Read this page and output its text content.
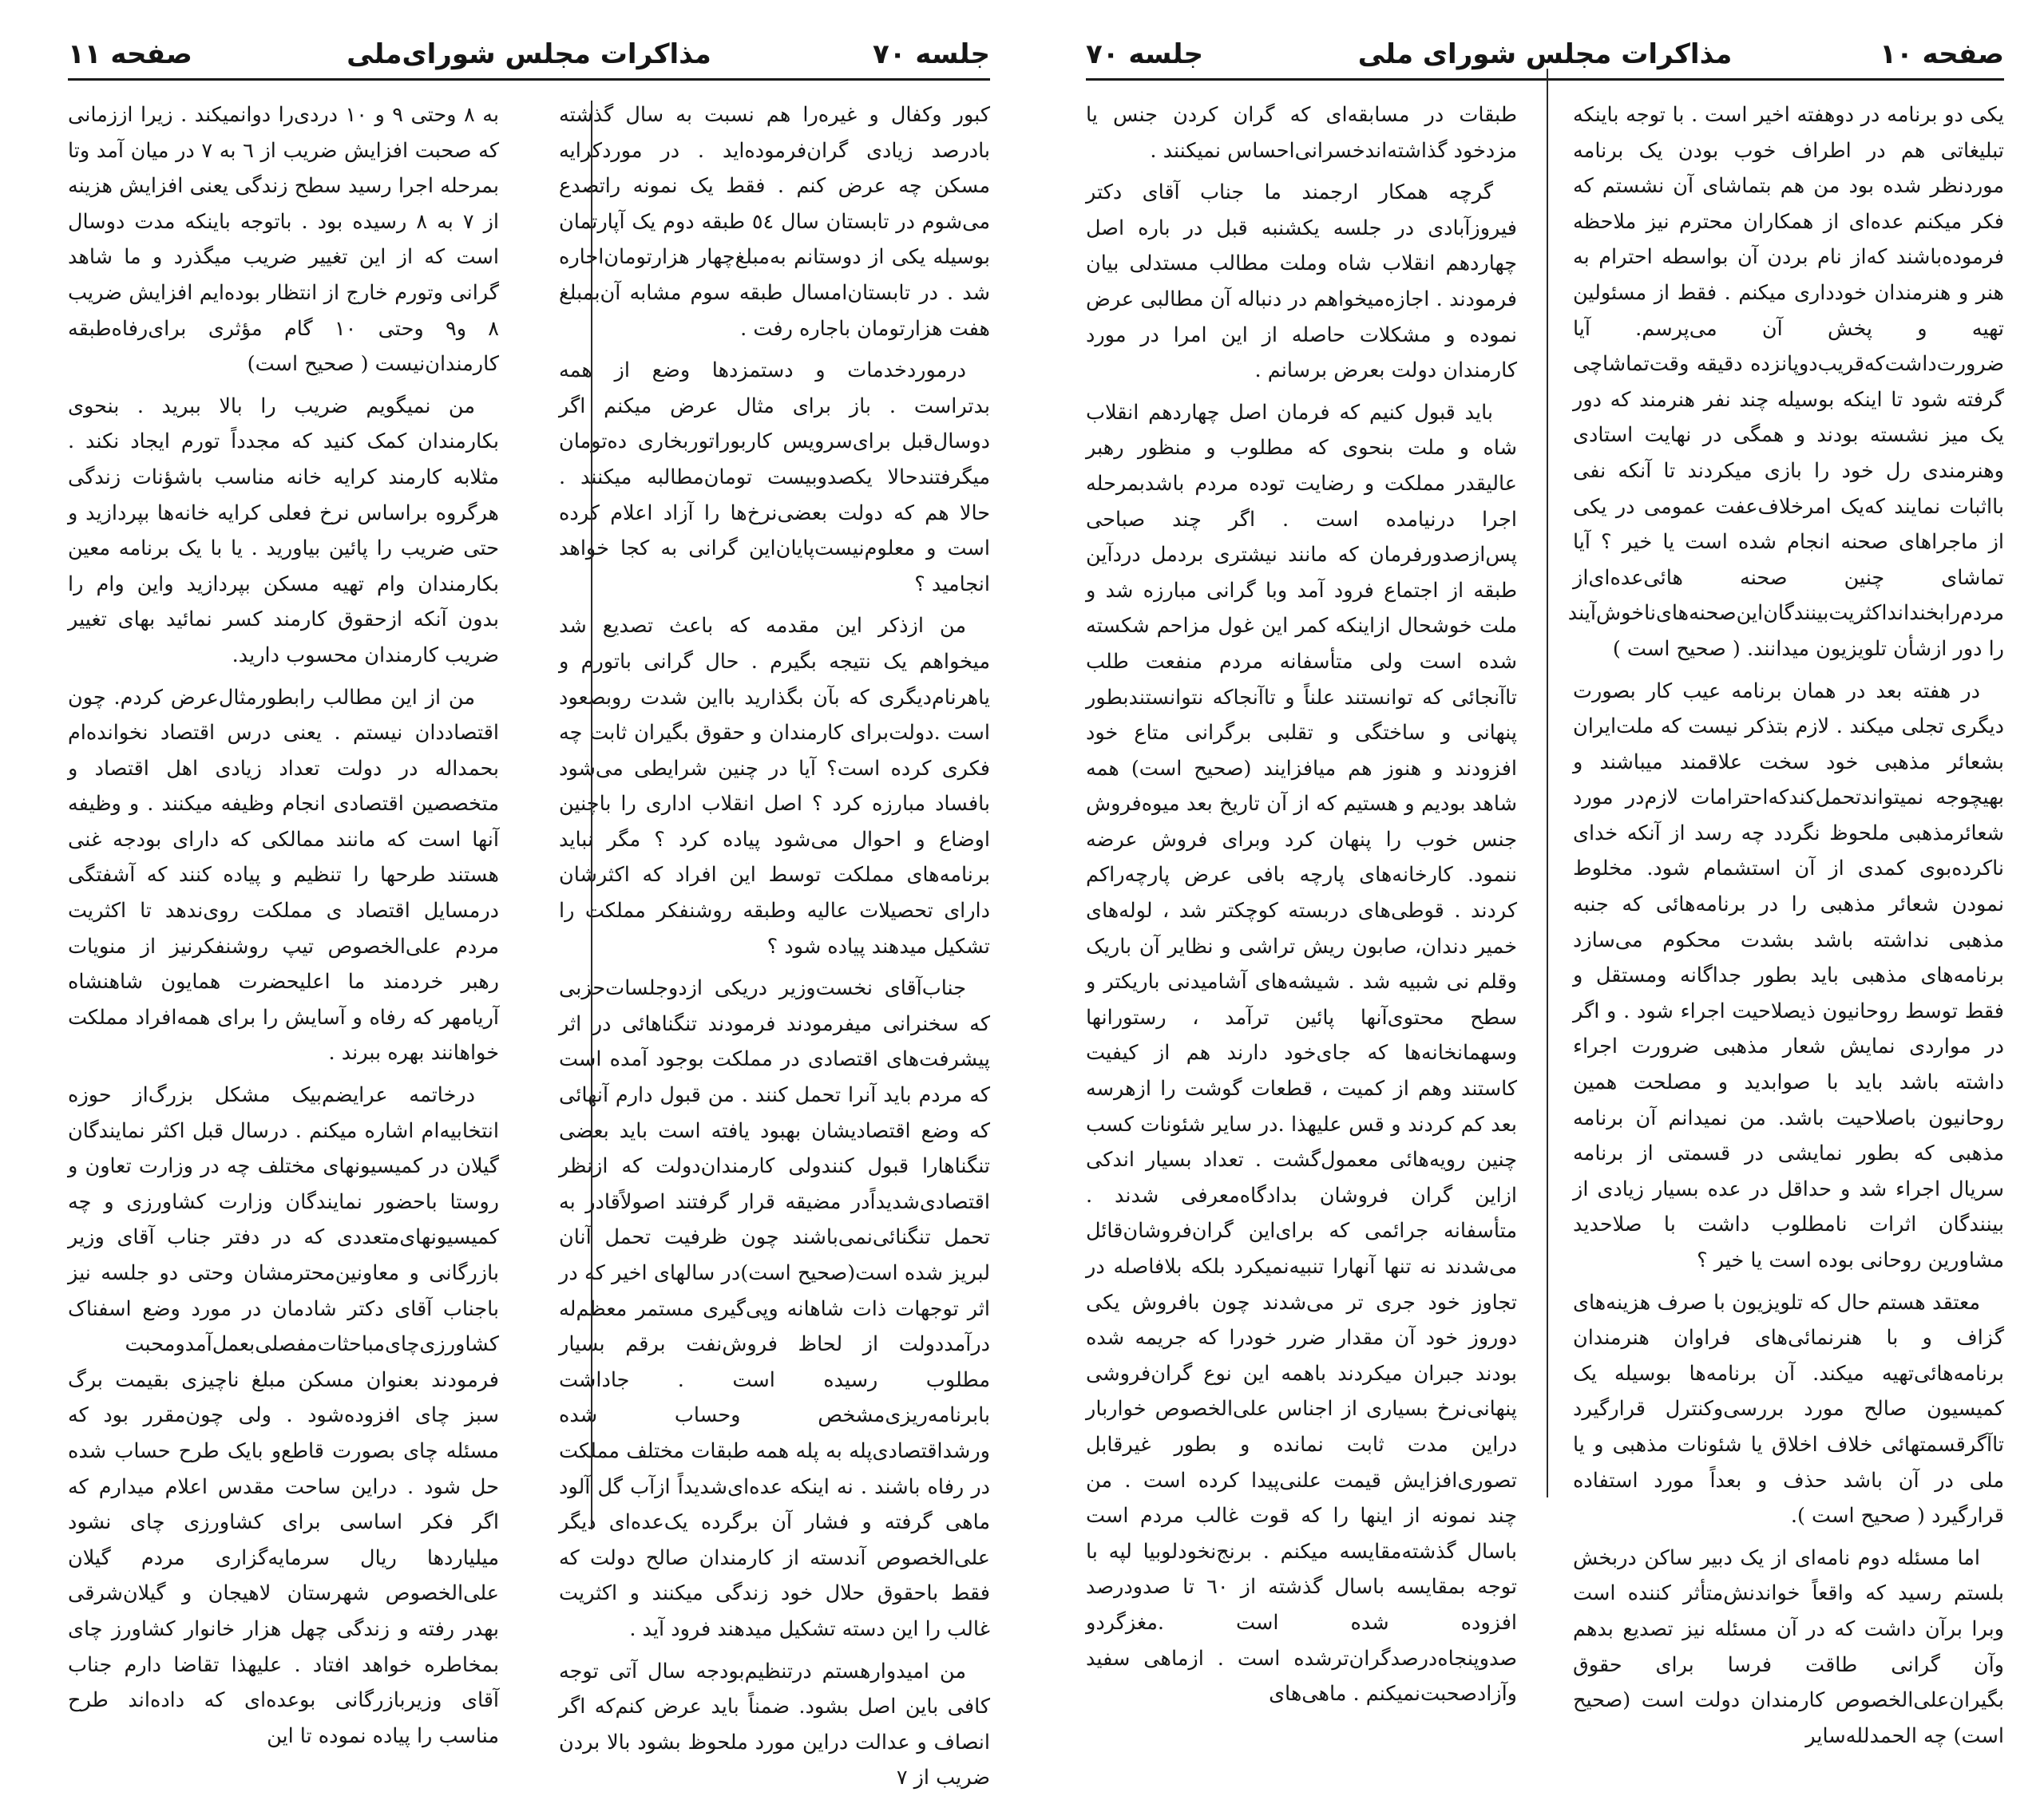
جلسه ۷۰
مذاکرات مجلس شورای‌ملی
صفحه ۱۱

کبور وکفال و غیره‌را هم نسبت به سال گذشته بادرصد زیادی گران‌فرموده‌اید . در موردکرایه مسکن چه عرض کنم . فقط یک نمونه راتصدع می‌شوم در تابستان سال ٥٤ طبقه دوم یک آپارتمان بوسیله یکی از دوستانم به‌مبلغ‌چهار هزارتومان‌اجاره شد . در تابستان‌امسال طبقه سوم مشابه آن‌بمبلغ هفت هزارتومان باجاره رفت .

درموردخدمات و دستمزدها وضع از همه بدتراست . باز برای مثال عرض میکنم اگر دوسال‌قبل برای‌سرویس کاربوراتوربخاری ده‌تومان میگرفتندحالا یکصدوبیست تومان‌مطالبه میکنند . حالا هم که دولت بعضی‌نرخ‌ها را آزاد اعلام کرده است و معلوم‌نیست‌پایان‌این گرانی به کجا خواهد انجامید ؟

من ازذکر این مقدمه که باعث تصدیع شد میخواهم یک نتیجه بگیرم . حال گرانی باتورم و یاهرنام‌دیگری که بآن بگذارید بااین شدت روبصعود است .دولت‌برای کارمندان و حقوق بگیران ثابت چه فکری کرده است؟ آیا در چنین شرایطی می‌شود بافساد مبارزه کرد ؟ اصل انقلاب اداری را باچنین اوضاع و احوال می‌شود پیاده کرد ؟ مگر نباید برنامه‌های مملکت توسط این افراد که اکثرشان دارای تحصیلات عالیه وطبقه روشنفکر مملکت را تشکیل میدهند پیاده شود ؟

جناب‌آقای نخست‌وزیر دریکی ازدوجلسات‌حزبی که سخنرانی میفرمودند فرمودند تنگناهائی در اثر پیشرفت‌های اقتصادی در مملکت بوجود آمده است که مردم باید آنرا تحمل کنند . من قبول دارم آنهائی که وضع اقتصادیشان بهبود یافته است باید بعضی تنگناهارا قبول کنندولی کارمندان‌دولت که ازنظر اقتصادی‌شدیداً‌در مضیقه قرار گرفتند اصولاً‌قادر به تحمل تنگنائی‌نمی‌باشند چون ظرفیت تحمل آنان لبریز شده است(صحیح است)در سالهای اخیر که در اثر توجهات ذات شاهانه وپی‌گیری مستمر معظم‌له درآمددولت از لحاظ فروش‌نفت برقم بسیار مطلوب رسیده است . جاداشت بابرنامه‌ریزی‌مشخص وحساب شده ورشداقتصادی‌پله به پله همه طبقات مختلف مملکت در رفاه باشند . نه اینکه عده‌ای‌شدیداً از‌آب گل آلود ماهی گرفته و فشار آن برگرده یک‌عده‌ای دیگر علی‌الخصوص آندسته از کارمندان صالح دولت که فقط باحقوق حلال خود زندگی میکنند و اکثریت غالب را این دسته تشکیل میدهند فرود آید .

من امیدوارهستم درتنظیم‌بودجه سال آتی توجه کافی باین اصل بشود. ضمناً باید عرض کنم‌که اگر انصاف و عدالت دراین مورد ملحوظ بشود بالا بردن ضریب از ۷

به ۸ وحتی ۹ و ۱۰ دردی‌را دوانمیکند . زیرا اززمانی که صحبت افزایش ضریب از ٦ به ٧ در میان آمد وتا بمرحله اجرا رسید سطح زندگی یعنی افزایش هزینه از ٧ به ٨ رسیده بود . باتوجه باینکه مدت دوسال است که از این تغییر ضریب میگذرد و ما شاهد گرانی وتورم خارج از انتظار بوده‌ایم افزایش ضریب ۸ و۹ وحتی ۱۰ گام مؤثری برای‌رفاه‌طبقه کارمندان‌نیست ( صحیح است)

من نمیگویم ضریب را بالا ببرید . بنحوی بکارمندان کمک کنید که مجدداً تورم ایجاد نکند . مثلابه کارمند کرایه خانه مناسب باشؤنات زندگی هرگروه براساس نرخ فعلی کرایه خانه‌ها بپردازید و حتی ضریب را پائین بیاورید . یا با یک برنامه معین بکارمندان وام تهیه مسکن بپردازید واین وام را بدون آنکه ازحقوق کارمند کسر نمائید بهای تغییر ضریب کارمندان محسوب دارید.

من از این مطالب رابطورمثال‌عرض کردم. چون اقتصاددان نیستم . یعنی درس اقتصاد نخوانده‌ام بحمداله در دولت تعداد زیادی اهل اقتصاد و متخصصین اقتصادی انجام وظیفه میکنند . و وظیفه آنها است که مانند ممالکی که دارای بودجه غنی هستند طرحها را تنظیم و پیاده کنند که آشفتگی درمسایل اقتصاد ی مملکت روی‌ندهد تا اکثریت مردم علی‌الخصوص تیپ روشنفکرنیز از منویات رهبر خردمند ما اعلیحضرت همایون شاهنشاه آریامهر که رفاه و آسایش را برای همه‌افراد مملکت خواهانند بهره ببرند .

درخاتمه عرایضم‌بیک مشکل بزرگ‌از حوزه انتخابیه‌ام اشاره میکنم . درسال قبل اکثر نمایندگان گیلان در کمیسیونهای مختلف چه در وزارت تعاون و روستا باحضور نمایندگان وزارت کشاورزی و چه کمیسیونهای‌متعددی که در دفتر جناب آقای وزیر بازرگانی و معاونین‌محترمشان وحتی دو جلسه نیز باجناب آقای دکتر شادمان در مورد وضع اسفناک کشاورزی‌چای‌مباحثات‌مفصلی‌بعمل‌آمدومحبت فرمودند بعنوان مسکن مبلغ ناچیزی بقیمت برگ سبز چای افزوده‌شود . ولی چون‌مقرر بود که مسئله چای بصورت قاطع‌و بایک طرح حساب شده حل شود . دراین ساحت مقدس اعلام میدارم که اگر فکر اساسی برای کشاورزی چای نشود میلیاردها ریال سرمایه‌گزاری مردم گیلان علی‌الخصوص شهرستان لاهیجان و گیلان‌شرقی بهدر رفته و زندگی چهل هزار خانوار کشاورز چای بمخاطره خواهد افتاد . علیهذا تقاضا دارم جناب آقای وزیربازرگانی بوعده‌ای که داده‌اند طرح مناسب را پیاده نموده تا این

صفحه ۱۰
مذاکرات مجلس شورای ملی
جلسه ۷۰

یکی دو برنامه در دوهفته اخیر است . با توجه باینکه تبلیغاتی هم در اطراف خوب بودن یک برنامه موردنظر شده بود من هم بتماشای آن نشستم که فکر میکنم عده‌ای از همکاران محترم نیز ملاحظه فرموده‌باشند که‌از نام بردن آن بواسطه احترام به هنر و هنرمندان خودداری میکنم . فقط از مسئولین تهیه و پخش آن می‌پرسم. آیا ضرورت‌داشت‌که‌قریب‌دوپانزده دقیقه وقت‌تماشاچی گرفته شود تا اینکه بوسیله چند نفر هنرمند که دور یک میز نشسته بودند و همگی در نهایت استادی وهنرمندی رل خود را بازی میکردند تا آنکه نفی بااثبات نمایند که‌یک امرخلاف‌عفت عمومی در یکی از ماجراهای صحنه انجام شده است یا خیر ؟ آیا تماشای چنین صحنه هائی‌عده‌ای‌از مردم‌را‌بخندانداکثریت‌بینندگان‌این‌صحنه‌های‌ناخوش‌آیند را دور ازشأن تلویزیون میدانند. ( صحیح است )

در هفته بعد در همان برنامه عیب کار بصورت دیگری تجلی میکند . لازم بتذکر نیست که ملت‌ایران بشعائر مذهبی خود سخت علاقمند میباشند و بهیچوجه نمیتواندتحمل‌کند‌که‌احترامات لازم‌در مورد شعائرمذهبی ملحوظ نگردد چه رسد از آنکه خدای ناکرده‌بوی کمدی از آن استشمام شود. مخلوط نمودن شعائر مذهبی را در برنامه‌هائی که جنبه مذهبی نداشته باشد بشدت محکوم می‌سازد برنامه‌های مذهبی باید بطور جداگانه ومستقل و فقط توسط روحانیون ذیصلاحیت اجراء شود . و اگر در مواردی نمایش شعار مذهبی ضرورت اجراء داشته باشد باید با صوابدید و مصلحت همین روحانیون باصلاحیت باشد. من نمیدانم آن برنامه مذهبی که بطور نمایشی در قسمتی از برنامه سریال اجراء شد و حداقل در عده بسیار زیادی از بینندگان اثرات نامطلوب داشت با صلاحدید مشاورین روحانی بوده است یا خیر ؟

معتقد هستم حال که تلویزیون با صرف هزینه‌های گزاف و با هنرنمائی‌های فراوان هنرمندان برنامه‌هائی‌تهیه میکند. آن برنامه‌ها بوسیله یک کمیسیون صالح مورد بررسی‌وکنترل قرارگیرد تاآگرقسمتهائی خلاف اخلاق یا شئونات مذهبی و یا ملی در آن باشد حذف و بعداً مورد استفاده قرارگیرد ( صحیح است ).

اما مسئله دوم نامه‌ای از یک دبیر ساکن دربخش بلستم رسید که واقعاً خواندنش‌متأثر کننده است وبرا برآن داشت که در آن مسئله نیز تصدیع بدهم وآن گرانی طاقت فرسا برای حقوق بگیران‌علی‌الخصوص کارمندان دولت است (صحیح است) چه الحمدلله‌سایر

طبقات در مسابقه‌ای که گران کردن جنس یا مزدخود گذاشته‌اندخسرانی‌احساس نمیکنند .

گرچه همکار ارجمند ما جناب آقای دکتر فیروزآبادی در جلسه یکشنبه قبل در باره اصل چهاردهم انقلاب شاه وملت مطالب مستدلی بیان فرمودند . اجازه‌میخواهم در دنباله آن مطالبی عرض نموده و مشکلات حاصله از این امرا در مورد کارمندان دولت بعرض برسانم .

باید قبول کنیم که فرمان اصل چهاردهم انقلاب شاه و ملت بنحوی که مطلوب و منظور رهبر عالیقدر مملکت و رضایت توده مردم باشدبمرحله اجرا درنیامده است . اگر چند صباحی پس‌ازصدورفرمان که مانند نیشتری بردمل دردآین طبقه از اجتماع فرود آمد وبا گرانی مبارزه شد و ملت خوشحال ازاینکه کمر این غول مزاحم شکسته شده است ولی متأسفانه مردم منفعت طلب تاآنجائی که توانستند علناً و تاآنجاکه نتوانستندبطور پنهانی و ساختگی و تقلبی برگرانی متاع خود افزودند و هنوز هم میافزایند (صحیح است) همه شاهد بودیم و هستیم که از آن تاریخ بعد میوه‌فروش جنس خوب را پنهان کرد وبرای فروش عرضه ننمود. کارخانه‌های پارچه بافی عرض پارچه‌راکم کردند . قوطی‌های دربسته کوچکتر شد ، لوله‌های خمیر دندان، صابون ریش تراشی و نظایر آن باریک وقلم نی شبیه شد . شیشه‌های آشامیدنی باریکتر و سطح محتوی‌آنها پائین ترآمد ، رستورانها وسهمانخانه‌ها که جای‌خود دارند هم از کیفیت کاستند وهم از کمیت ، قطعات گوشت را ازهرسه بعد کم کردند و قس علیهذا .در سایر شئونات کسب چنین رویه‌هائی معمول‌گشت . تعداد بسیار اندکی ازاین گران فروشان بدادگاه‌معرفی شدند . متأسفانه جرائمی که برای‌این گران‌فروشان‌قائل می‌شدند نه تنها آنهارا تنبیه‌نمیکرد بلکه بلافاصله در تجاوز خود جری تر می‌شدند چون بافروش یکی دوروز خود آن مقدار ضرر خودرا که جریمه شده بودند جبران میکردند باهمه این نوع گران‌فروشی پنهانی‌نرخ بسیاری از اجناس علی‌الخصوص خواربار دراین مدت ثابت نمانده و بطور غیرقابل تصوری‌افزایش قیمت علنی‌پیدا کرده است . من چند نمونه از اینها را که قوت غالب مردم است باسال گذشته‌مقایسه میکنم . برنج‌نخودلوبیا لپه با توجه بمقایسه باسال گذشته از ٦٠ تا صدودرصد افزوده شده است .مغزگردو صدوپنجاه‌درصدگران‌ترشده است . ازماهی سفید وآزادصحبت‌نمیکنم . ماهی‌های
